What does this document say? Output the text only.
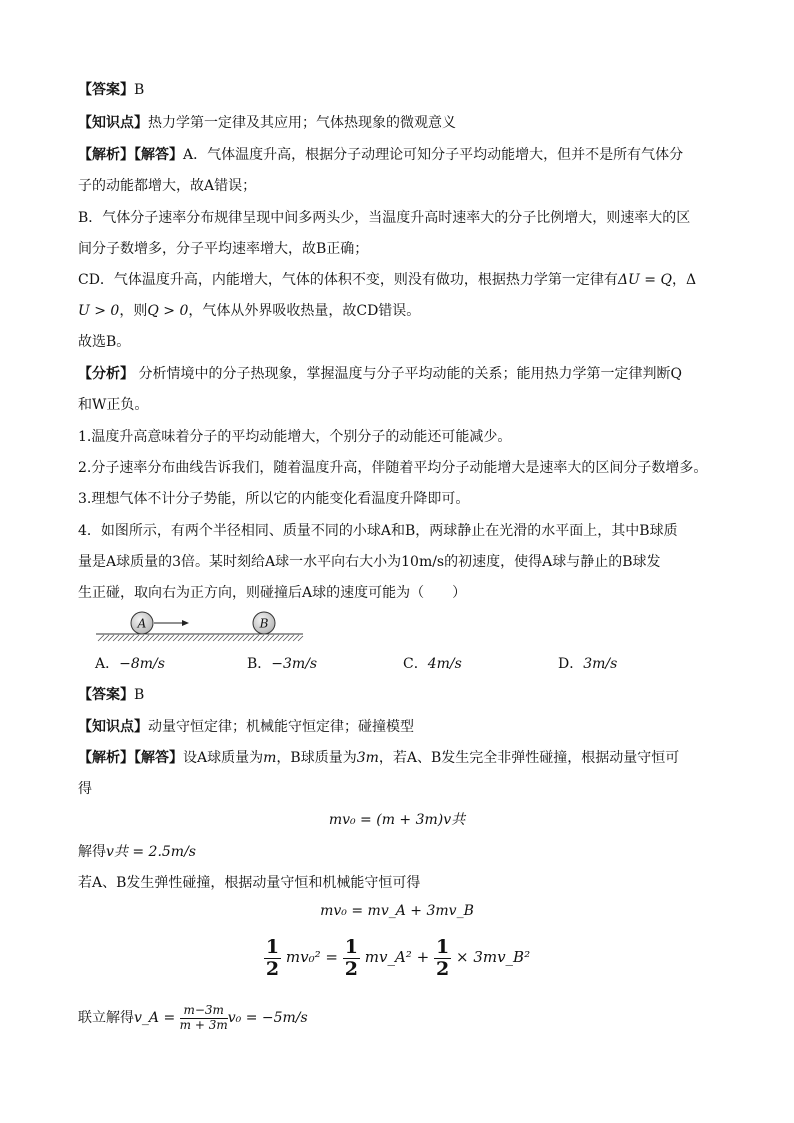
【答案】B
【知识点】热力学第一定律及其应用；气体热现象的微观意义
【解析】【解答】A．气体温度升高，根据分子动理论可知分子平均动能增大，但并不是所有气体分
子的动能都增大，故A错误；
B．气体分子速率分布规律呈现中间多两头少，当温度升高时速率大的分子比例增大，则速率大的区
间分子数增多，分子平均速率增大，故B正确；
CD．气体温度升高，内能增大，气体的体积不变，则没有做功，根据热力学第一定律有ΔU = Q，Δ
U > 0，则Q > 0，气体从外界吸收热量，故CD错误。
故选B。
【分析】 分析情境中的分子热现象，掌握温度与分子平均动能的关系；能用热力学第一定律判断Q
和W正负。
1.温度升高意味着分子的平均动能增大，个别分子的动能还可能减少。
2.分子速率分布曲线告诉我们，随着温度升高，伴随着平均分子动能增大是速率大的区间分子数增多。
3.理想气体不计分子势能，所以它的内能变化看温度升降即可。
4．如图所示，有两个半径相同、质量不同的小球A和B，两球静止在光滑的水平面上，其中B球质
量是A球质量的3倍。某时刻给A球一水平向右大小为10m/s的初速度，使得A球与静止的B球发
生正碰，取向右为正方向，则碰撞后A球的速度可能为（　　）
A	B
A．−8m/s	B．−3m/s	C．4m/s	D．3m/s
【答案】B
【知识点】动量守恒定律；机械能守恒定律；碰撞模型
【解析】【解答】设A球质量为m，B球质量为3m，若A、B发生完全非弹性碰撞，根据动量守恒可
得
mv₀ = (m + 3m)v共
解得v共 = 2.5m/s
若A、B发生弹性碰撞，根据动量守恒和机械能守恒可得
mv₀ = mv_A + 3mv_B
$\frac{1}{2} mv_0^2 = \frac{1}{2}$ mv_A² + $\frac{1}{2}$ × 3mv_B²
联立解得v_A = $\frac{m-3m}{m + 3m} v_0 = -5m/s$
